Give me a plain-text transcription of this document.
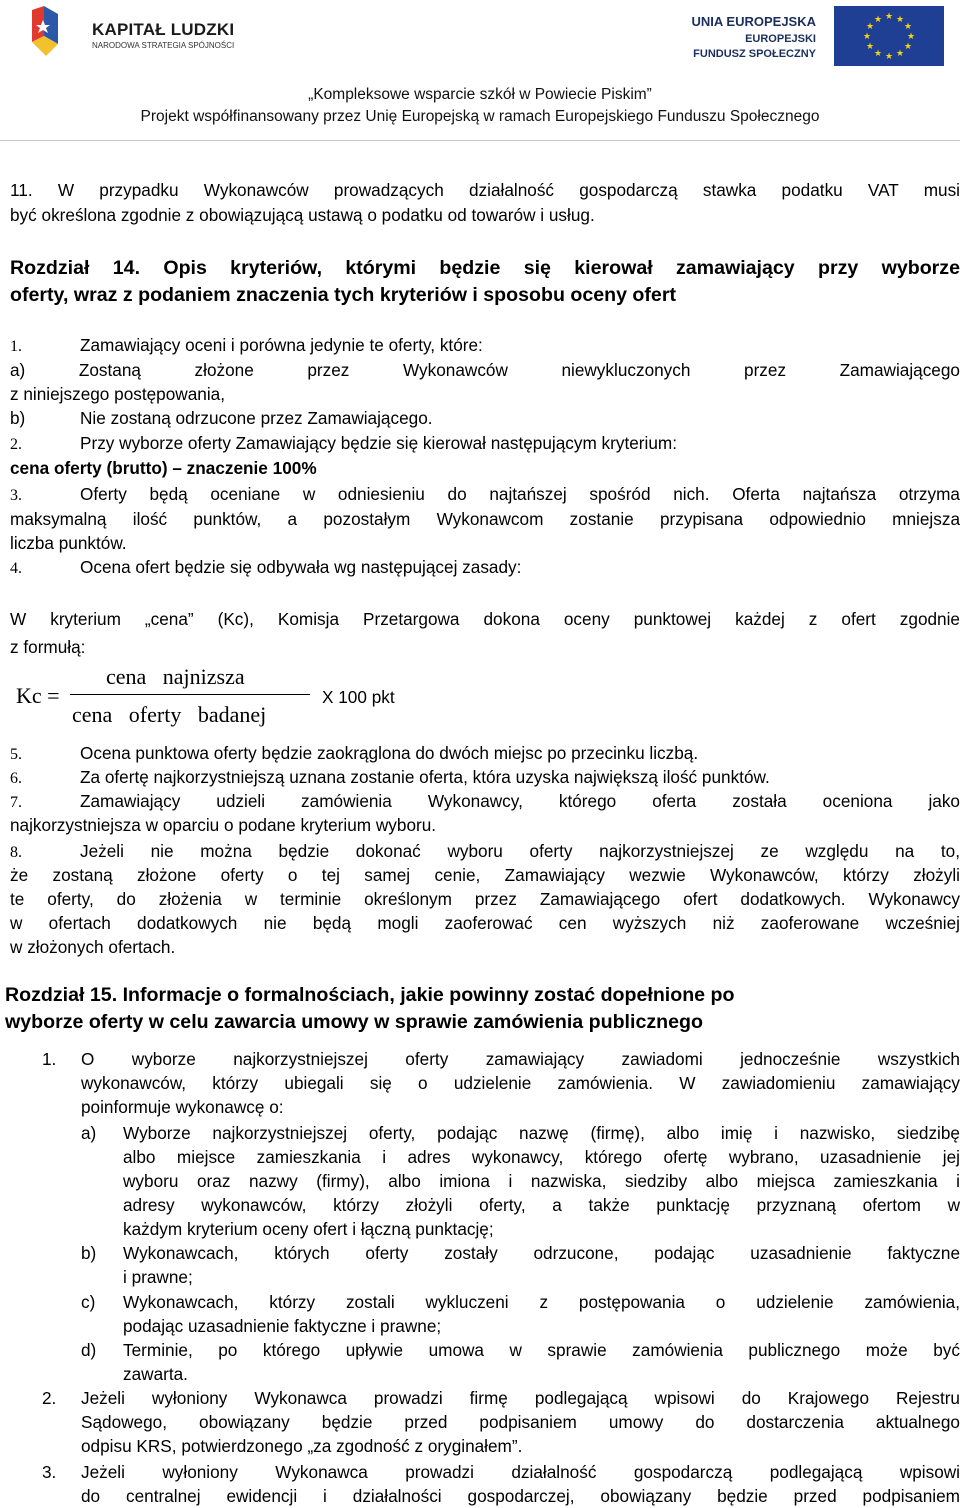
KAPITAŁ LUDZKI
NARODOWA STRATEGIA SPÓJNOŚCI
UNIA EUROPEJSKA
EUROPEJSKI
FUNDUSZ SPOŁECZNY
★ ★
★
★
★
★
★
★
★
★
★
★
„Kompleksowe wsparcie szkół w Powiecie Piskim”
Projekt współfinansowany przez Unię Europejską w ramach Europejskiego Funduszu Społecznego
11. W przypadku Wykonawców prowadzących działalność gospodarczą stawka podatku VAT musi
być określona zgodnie z obowiązującą ustawą o podatku od towarów i usług.
Rozdział 14. Opis kryteriów, którymi będzie się kierował zamawiający przy wyborze
oferty, wraz z podaniem znaczenia tych kryteriów i sposobu oceny ofert
1.	Zamawiający oceni i porówna jedynie te oferty, które:
a) Zostaną złożone przez Wykonawców niewykluczonych przez Zamawiającego
z niniejszego postępowania,
b)	Nie zostaną odrzucone przez Zamawiającego.
2.	Przy wyborze oferty Zamawiający będzie się kierował następującym kryterium:
cena oferty (brutto) – znaczenie 100%
3.	Oferty będą oceniane w odniesieniu do najtańszej spośród nich. Oferta najtańsza otrzyma
maksymalną ilość punktów, a pozostałym Wykonawcom zostanie przypisana odpowiednio mniejsza
liczba punktów.
4.	Ocena ofert będzie się odbywała wg następującej zasady:
W kryterium „cena” (Kc), Komisja Przetargowa dokona oceny punktowej każdej z ofert zgodnie
z formułą:
Kc =
cena   najnizsza
cena   oferty   badanej
X 100 pkt
5.	Ocena punktowa oferty będzie zaokrąglona do dwóch miejsc po przecinku liczbą.
6.	Za ofertę najkorzystniejszą uznana zostanie oferta, która uzyska największą ilość punktów.
7.	Zamawiający udzieli zamówienia Wykonawcy, którego oferta została oceniona jako
najkorzystniejsza w oparciu o podane kryterium wyboru.
8.	Jeżeli nie można będzie dokonać wyboru oferty najkorzystniejszej ze względu na to,
że zostaną złożone oferty o tej samej cenie, Zamawiający wezwie Wykonawców, którzy złożyli
te oferty, do złożenia w terminie określonym przez Zamawiającego ofert dodatkowych. Wykonawcy
w ofertach dodatkowych nie będą mogli zaoferować cen wyższych niż zaoferowane wcześniej
w złożonych ofertach.
Rozdział 15. Informacje o formalnościach, jakie powinny zostać dopełnione po
wyborze oferty w celu zawarcia umowy w sprawie zamówienia publicznego
1.	O wyborze najkorzystniejszej oferty zamawiający zawiadomi jednocześnie wszystkich
wykonawców, którzy ubiegali się o udzielenie zamówienia. W zawiadomieniu zamawiający
poinformuje wykonawcę o:
a)	Wyborze najkorzystniejszej oferty, podając nazwę (firmę), albo imię i nazwisko, siedzibę
albo miejsce zamieszkania i adres wykonawcy, którego ofertę wybrano, uzasadnienie jej
wyboru oraz nazwy (firmy), albo imiona i nazwiska, siedziby albo miejsca zamieszkania i
adresy wykonawców, którzy złożyli oferty, a także punktację przyznaną ofertom w
każdym kryterium oceny ofert i łączną punktację;
b)	Wykonawcach, których oferty zostały odrzucone, podając uzasadnienie faktyczne
i prawne;
c)	Wykonawcach, którzy zostali wykluczeni z postępowania o udzielenie zamówienia,
podając uzasadnienie faktyczne i prawne;
d)	Terminie, po którego upływie umowa w sprawie zamówienia publicznego może być
zawarta.
2.	Jeżeli wyłoniony Wykonawca prowadzi firmę podlegającą wpisowi do Krajowego Rejestru
Sądowego, obowiązany będzie przed podpisaniem umowy do dostarczenia aktualnego
odpisu KRS, potwierdzonego „za zgodność z oryginałem”.
3.	Jeżeli wyłoniony Wykonawca prowadzi działalność gospodarczą podlegającą wpisowi
do centralnej ewidencji i działalności gospodarczej, obowiązany będzie przed podpisaniem
